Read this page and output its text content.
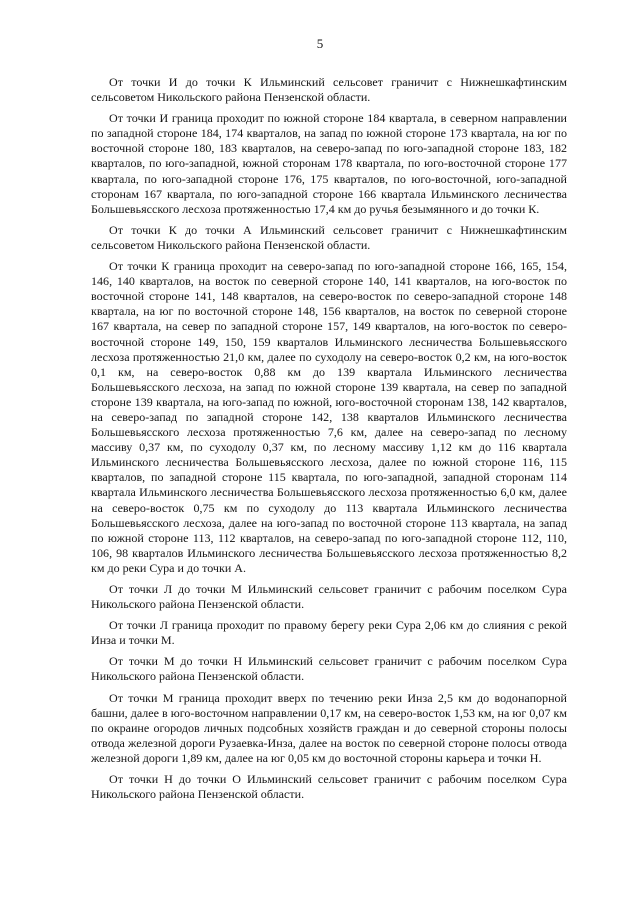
5

От точки И до точки К Ильминский сельсовет граничит с Нижнешкафтинским сельсоветом Никольского района Пензенской области.

От точки И граница проходит по южной стороне 184 квартала, в северном направлении по западной стороне 184, 174 кварталов, на запад по южной стороне 173 квартала, на юг по восточной стороне 180, 183 кварталов, на северо-запад по юго-западной стороне 183, 182 кварталов, по юго-западной, южной сторонам 178 квартала, по юго-восточной стороне 177 квартала, по юго-западной стороне 176, 175 кварталов, по юго-восточной, юго-западной сторонам 167 квартала, по юго-западной стороне 166 квартала Ильминского лесничества Большевьясского лесхоза протяженностью 17,4 км до ручья безымянного и до точки К.

От точки К до точки А Ильминский сельсовет граничит с Нижнешкафтинским сельсоветом Никольского района Пензенской области.

От точки К граница проходит на северо-запад по юго-западной стороне 166, 165, 154, 146, 140 кварталов, на восток по северной стороне 140, 141 кварталов, на юго-восток по восточной стороне 141, 148 кварталов, на северо-восток по северо-западной стороне 148 квартала, на юг по восточной стороне 148, 156 кварталов, на восток по северной стороне 167 квартала, на север по западной стороне 157, 149 кварталов, на юго-восток по северо-восточной стороне 149, 150, 159 кварталов Ильминского лесничества Большевьясского лесхоза протяженностью 21,0 км, далее по суходолу на северо-восток 0,2 км, на юго-восток 0,1 км, на северо-восток 0,88 км до 139 квартала Ильминского лесничества Большевьясского лесхоза, на запад по южной стороне 139 квартала, на север по западной стороне 139 квартала, на юго-запад по южной, юго-восточной сторонам 138, 142 кварталов, на северо-запад по западной стороне 142, 138 кварталов Ильминского лесничества Большевьясского лесхоза протяженностью 7,6 км, далее на северо-запад по лесному массиву 0,37 км, по суходолу 0,37 км, по лесному массиву 1,12 км до 116 квартала Ильминского лесничества Большевьясского лесхоза, далее по южной стороне 116, 115 кварталов, по западной стороне 115 квартала, по юго-западной, западной сторонам 114 квартала Ильминского лесничества Большевьясского лесхоза протяженностью 6,0 км, далее на северо-восток 0,75 км по суходолу до 113 квартала Ильминского лесничества Большевьясского лесхоза, далее на юго-запад по восточной стороне 113 квартала, на запад по южной стороне 113, 112 кварталов, на северо-запад по юго-западной стороне 112, 110, 106, 98 кварталов Ильминского лесничества Большевьясского лесхоза протяженностью 8,2 км до реки Сура и до точки А.

От точки Л до точки М Ильминский сельсовет граничит с рабочим поселком Сура Никольского района Пензенской области.

От точки Л граница проходит по правому берегу реки Сура 2,06 км до слияния с рекой Инза и точки М.

От точки М до точки Н Ильминский сельсовет граничит с рабочим поселком Сура Никольского района Пензенской области.

От точки М граница проходит вверх по течению реки Инза 2,5 км до водонапорной башни, далее в юго-восточном направлении 0,17 км, на северо-восток 1,53 км, на юг 0,07 км по окраине огородов личных подсобных хозяйств граждан и до северной стороны полосы отвода железной дороги Рузаевка-Инза, далее на восток по северной стороне полосы отвода железной дороги 1,89 км, далее на юг 0,05 км до восточной стороны карьера и точки Н.

От точки Н до точки О Ильминский сельсовет граничит с рабочим поселком Сура Никольского района Пензенской области.
